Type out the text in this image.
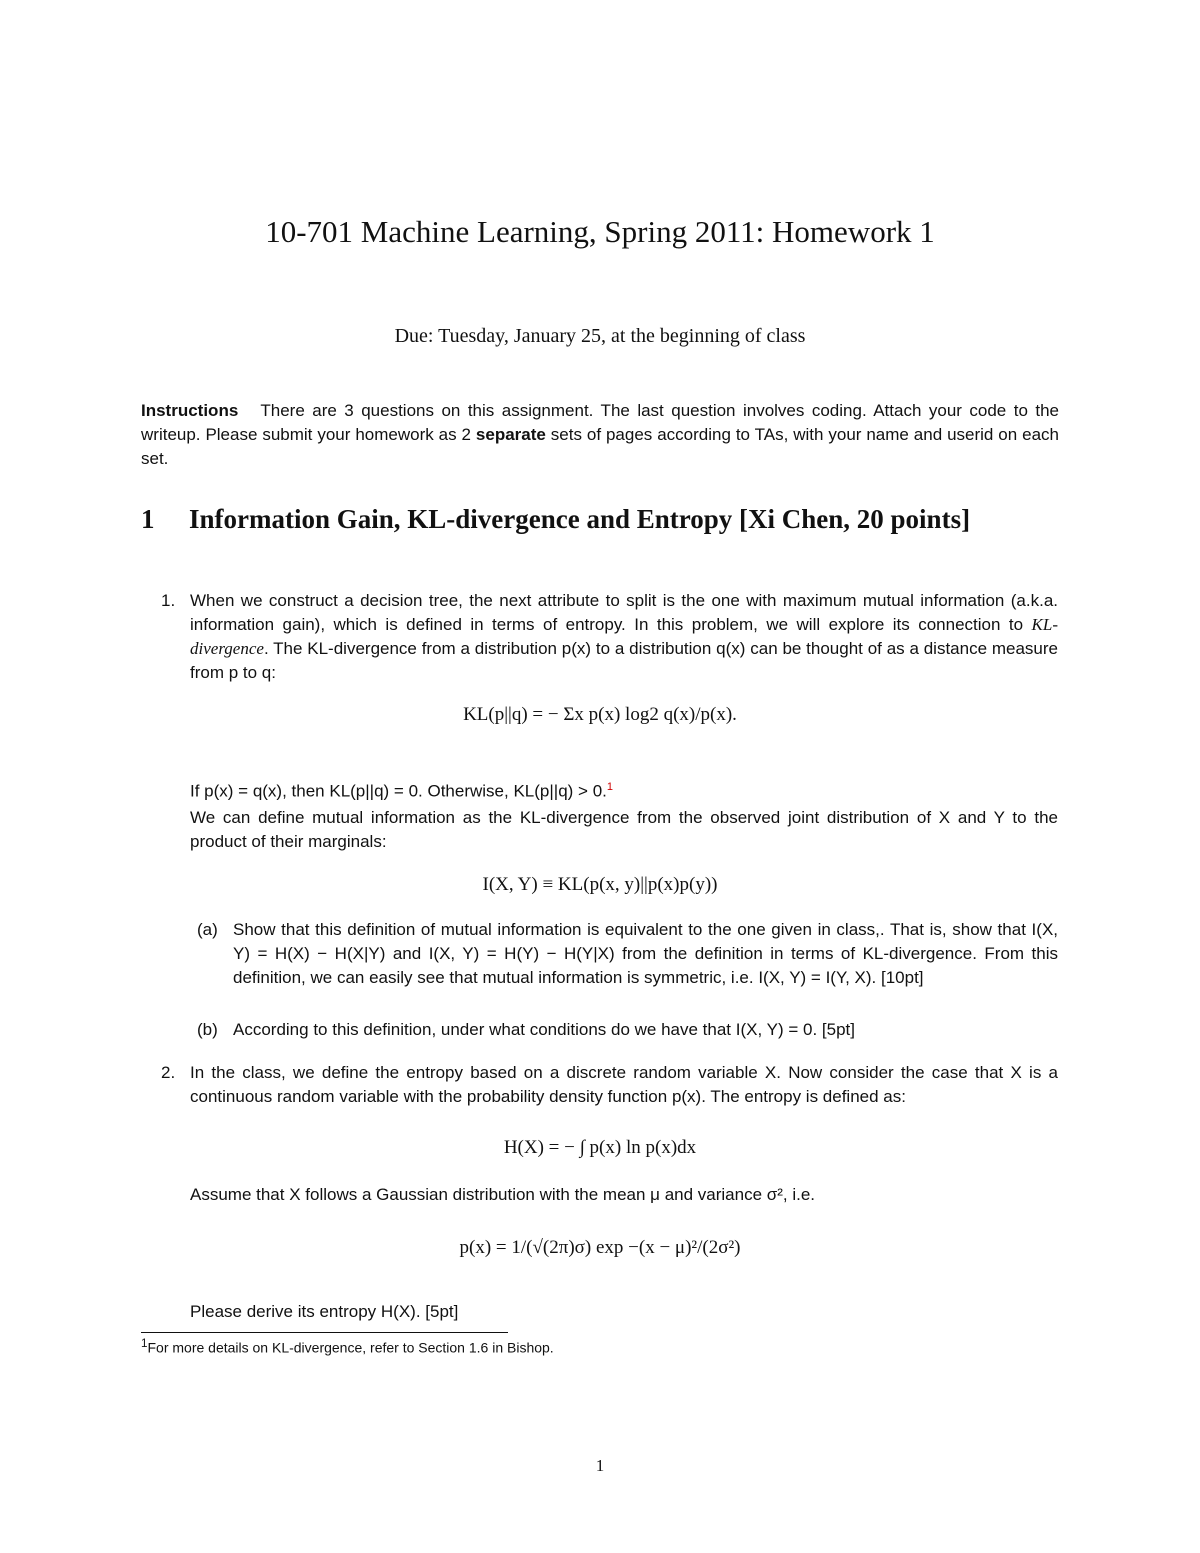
10-701 Machine Learning, Spring 2011: Homework 1
Due: Tuesday, January 25, at the beginning of class
Instructions There are 3 questions on this assignment. The last question involves coding. Attach your code to the writeup. Please submit your homework as 2 separate sets of pages according to TAs, with your name and userid on each set.
1 Information Gain, KL-divergence and Entropy [Xi Chen, 20 points]
1. When we construct a decision tree, the next attribute to split is the one with maximum mutual information (a.k.a. information gain), which is defined in terms of entropy. In this problem, we will explore its connection to KL-divergence. The KL-divergence from a distribution p(x) to a distribution q(x) can be thought of as a distance measure from p to q:
KL(p||q) = − Σx p(x) log2 q(x)/p(x).
If p(x) = q(x), then KL(p||q) = 0. Otherwise, KL(p||q) > 0.$^1$
We can define mutual information as the KL-divergence from the observed joint distribution of X and Y to the product of their marginals:
I(X, Y) ≡ KL(p(x, y)||p(x)p(y))
(a) Show that this definition of mutual information is equivalent to the one given in class,. That is, show that I(X, Y) = H(X) − H(X|Y) and I(X, Y) = H(Y) − H(Y|X) from the definition in terms of KL-divergence. From this definition, we can easily see that mutual information is symmetric, i.e. I(X, Y) = I(Y, X). [10pt]
(b) According to this definition, under what conditions do we have that I(X, Y) = 0. [5pt]
2. In the class, we define the entropy based on a discrete random variable X. Now consider the case that X is a continuous random variable with the probability density function p(x). The entropy is defined as:
H(X) = − ∫ p(x) ln p(x)dx
Assume that X follows a Gaussian distribution with the mean μ and variance σ², i.e.
p(x) = 1/(√(2π)σ) exp −(x − μ)²/(2σ²)
Please derive its entropy H(X). [5pt]
$^1$For more details on KL-divergence, refer to Section 1.6 in Bishop.
1
